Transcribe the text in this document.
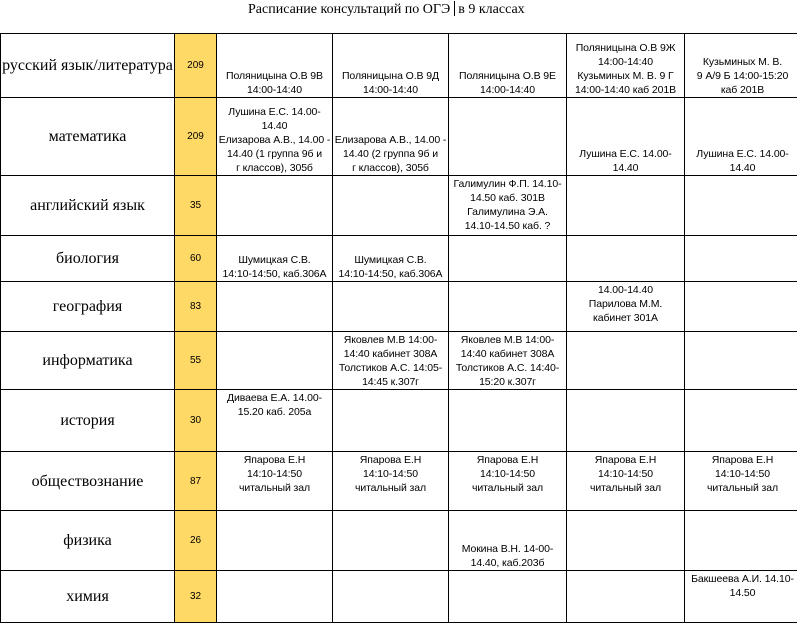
Расписание консультаций по ОГЭ в 9 классах
русский язык/литература	209	Поляницына О.В 9В
14:00-14:40	Поляницына О.В 9Д
14:00-14:40	Поляницына О.В 9Е
14:00-14:40	Поляницына О.В 9Ж
14:00-14:40
Кузьминых М. В. 9 Г
14:00-14:40 каб 201В	Кузьминых М. В.
9 А/9 Б 14:00-15:20
каб 201В
математика	209	Лушина Е.С. 14.00-
14.40
Елизарова А.В., 14.00 -
14.40 (1 группа 9б и
г классов), 305б	Елизарова А.В., 14.00 -
14.40 (2 группа 9б и
г классов), 305б		Лушина Е.С. 14.00-
14.40	Лушина Е.С. 14.00-
14.40
английский язык	35			Галимулин Ф.П. 14.10-
14.50 каб. 301В
Галимулина Э.А.
14.10-14.50 каб. ?		
биология	60	Шумицкая С.В.
14:10-14:50, каб.306А	Шумицкая С.В.
14:10-14:50, каб.306А			
география	83				14.00-14.40
Парилова М.М.
кабинет 301А	
информатика	55		Яковлев М.В 14:00-
14:40 кабинет 308А
Толстиков А.С. 14:05-
14:45 к.307г	Яковлев М.В 14:00-
14:40 кабинет 308А
Толстиков А.С. 14:40-
15:20 к.307г		
история	30	Диваева Е.А. 14.00-
15.20 каб. 205а				
обществознание	87	Япарова Е.Н
14:10-14:50
читальный зал	Япарова Е.Н
14:10-14:50
читальный зал	Япарова Е.Н
14:10-14:50
читальный зал	Япарова Е.Н
14:10-14:50
читальный зал	Япарова Е.Н
14:10-14:50
читальный зал
физика	26			Мокина В.Н. 14-00-
14.40, каб.203б		
химия	32					Бакшеева А.И. 14.10-
14.50
